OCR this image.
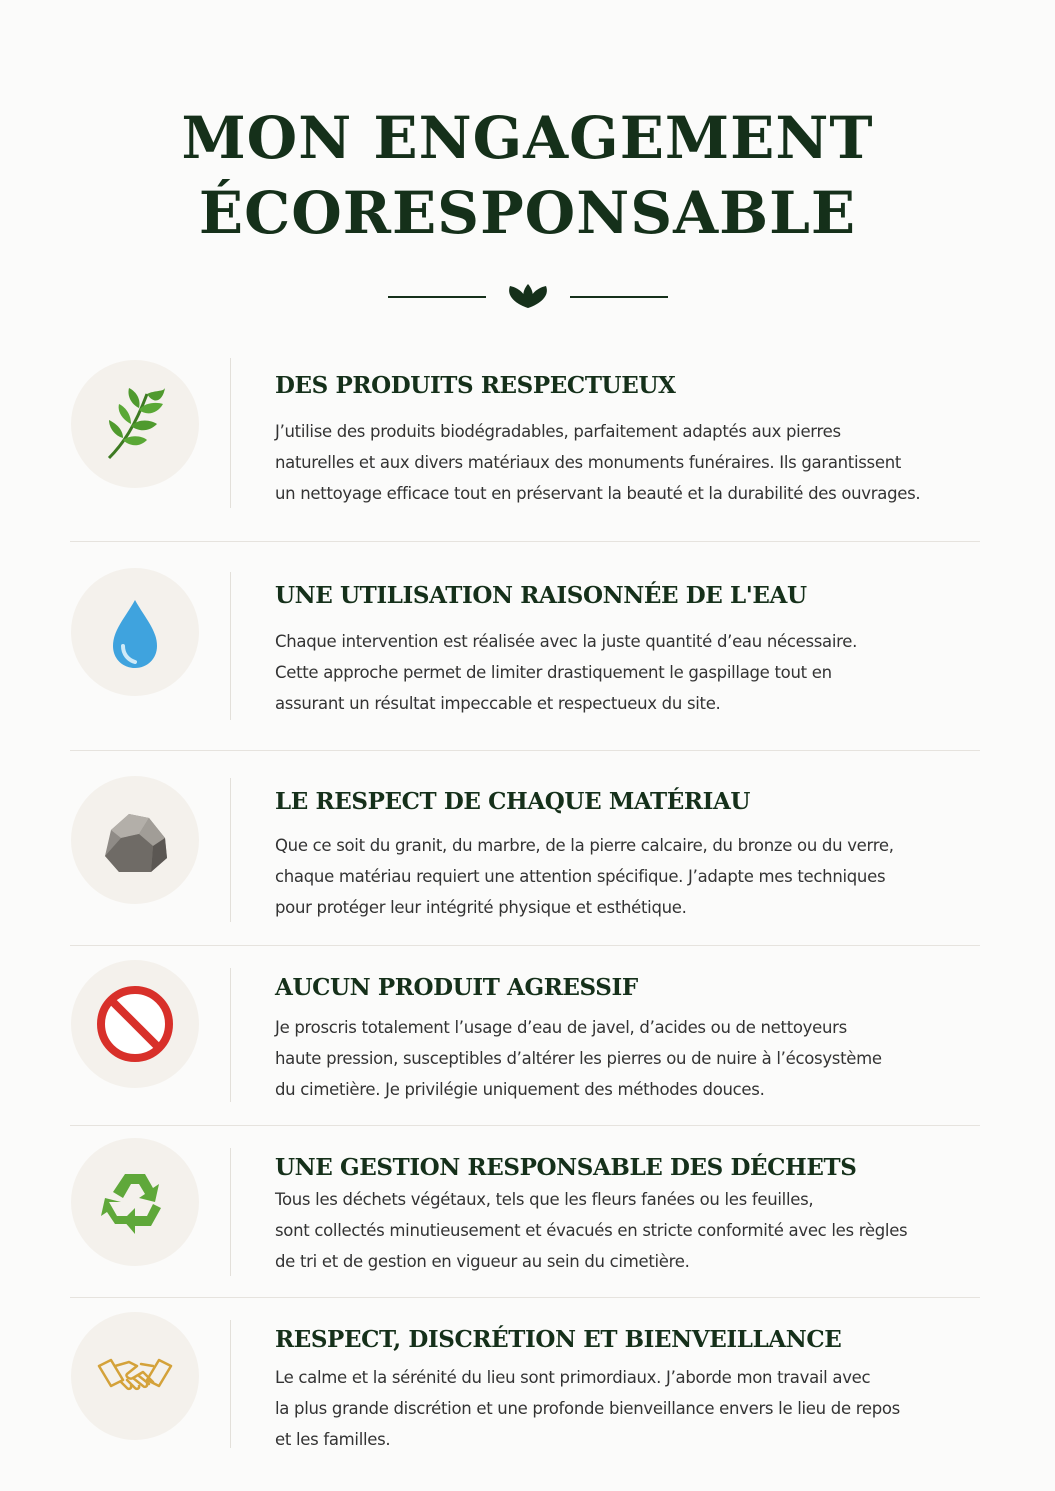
MON ENGAGEMENT
ÉCORESPONSABLE
DES PRODUITS RESPECTUEUX

J’utilise des produits biodégradables, parfaitement adaptés aux pierres
naturelles et aux divers matériaux des monuments funéraires. Ils garantissent
un nettoyage efficace tout en préservant la beauté et la durabilité des ouvrages.

UNE UTILISATION RAISONNÉE DE L'EAU

Chaque intervention est réalisée avec la juste quantité d’eau nécessaire.
Cette approche permet de limiter drastiquement le gaspillage tout en
assurant un résultat impeccable et respectueux du site.

LE RESPECT DE CHAQUE MATÉRIAU

Que ce soit du granit, du marbre, de la pierre calcaire, du bronze ou du verre,
chaque matériau requiert une attention spécifique. J’adapte mes techniques
pour protéger leur intégrité physique et esthétique.

AUCUN PRODUIT AGRESSIF

Je proscris totalement l’usage d’eau de javel, d’acides ou de nettoyeurs
haute pression, susceptibles d’altérer les pierres ou de nuire à l’écosystème
du cimetière. Je privilégie uniquement des méthodes douces.

UNE GESTION RESPONSABLE DES DÉCHETS

Tous les déchets végétaux, tels que les fleurs fanées ou les feuilles,
sont collectés minutieusement et évacués en stricte conformité avec les règles
de tri et de gestion en vigueur au sein du cimetière.

RESPECT, DISCRÉTION ET BIENVEILLANCE

Le calme et la sérénité du lieu sont primordiaux. J’aborde mon travail avec
la plus grande discrétion et une profonde bienveillance envers le lieu de repos
et les familles.
